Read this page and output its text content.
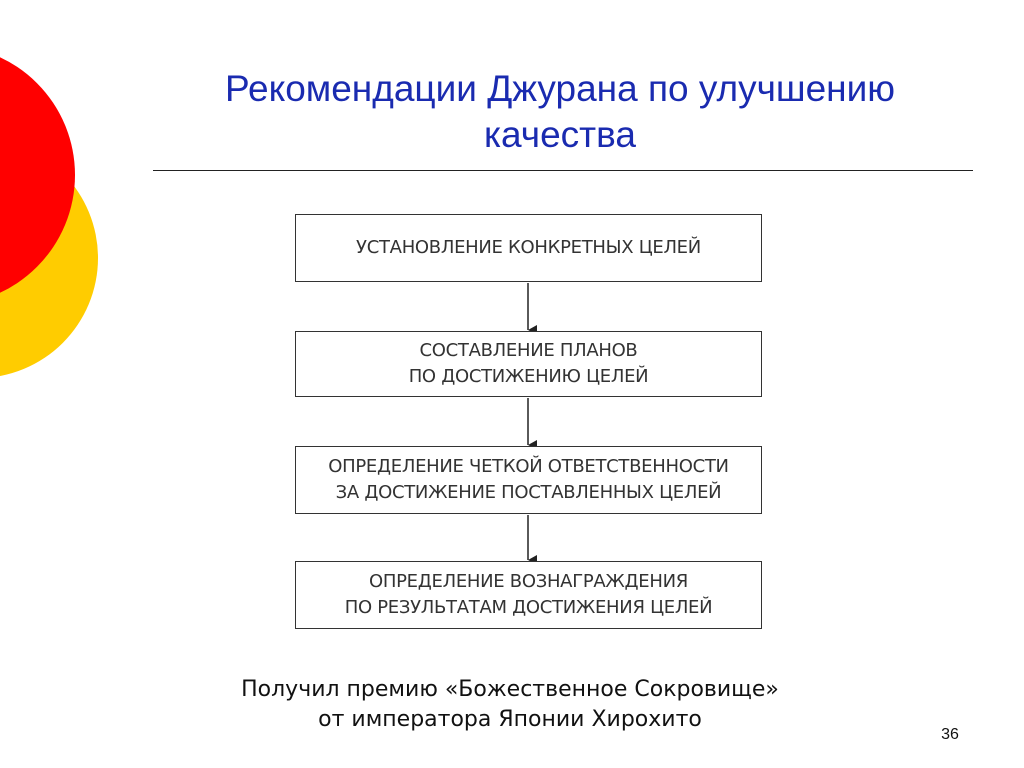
Рекомендации Джурана по улучшению
качества
УСТАНОВЛЕНИЕ КОНКРЕТНЫХ ЦЕЛЕЙ
СОСТАВЛЕНИЕ ПЛАНОВ
ПО ДОСТИЖЕНИЮ ЦЕЛЕЙ
ОПРЕДЕЛЕНИЕ ЧЕТКОЙ ОТВЕТСТВЕННОСТИ
ЗА ДОСТИЖЕНИЕ ПОСТАВЛЕННЫХ ЦЕЛЕЙ
ОПРЕДЕЛЕНИЕ ВОЗНАГРАЖДЕНИЯ
ПО РЕЗУЛЬТАТАМ ДОСТИЖЕНИЯ ЦЕЛЕЙ
Получил премию «Божественное Сокровище»
от императора Японии Хирохито
36
